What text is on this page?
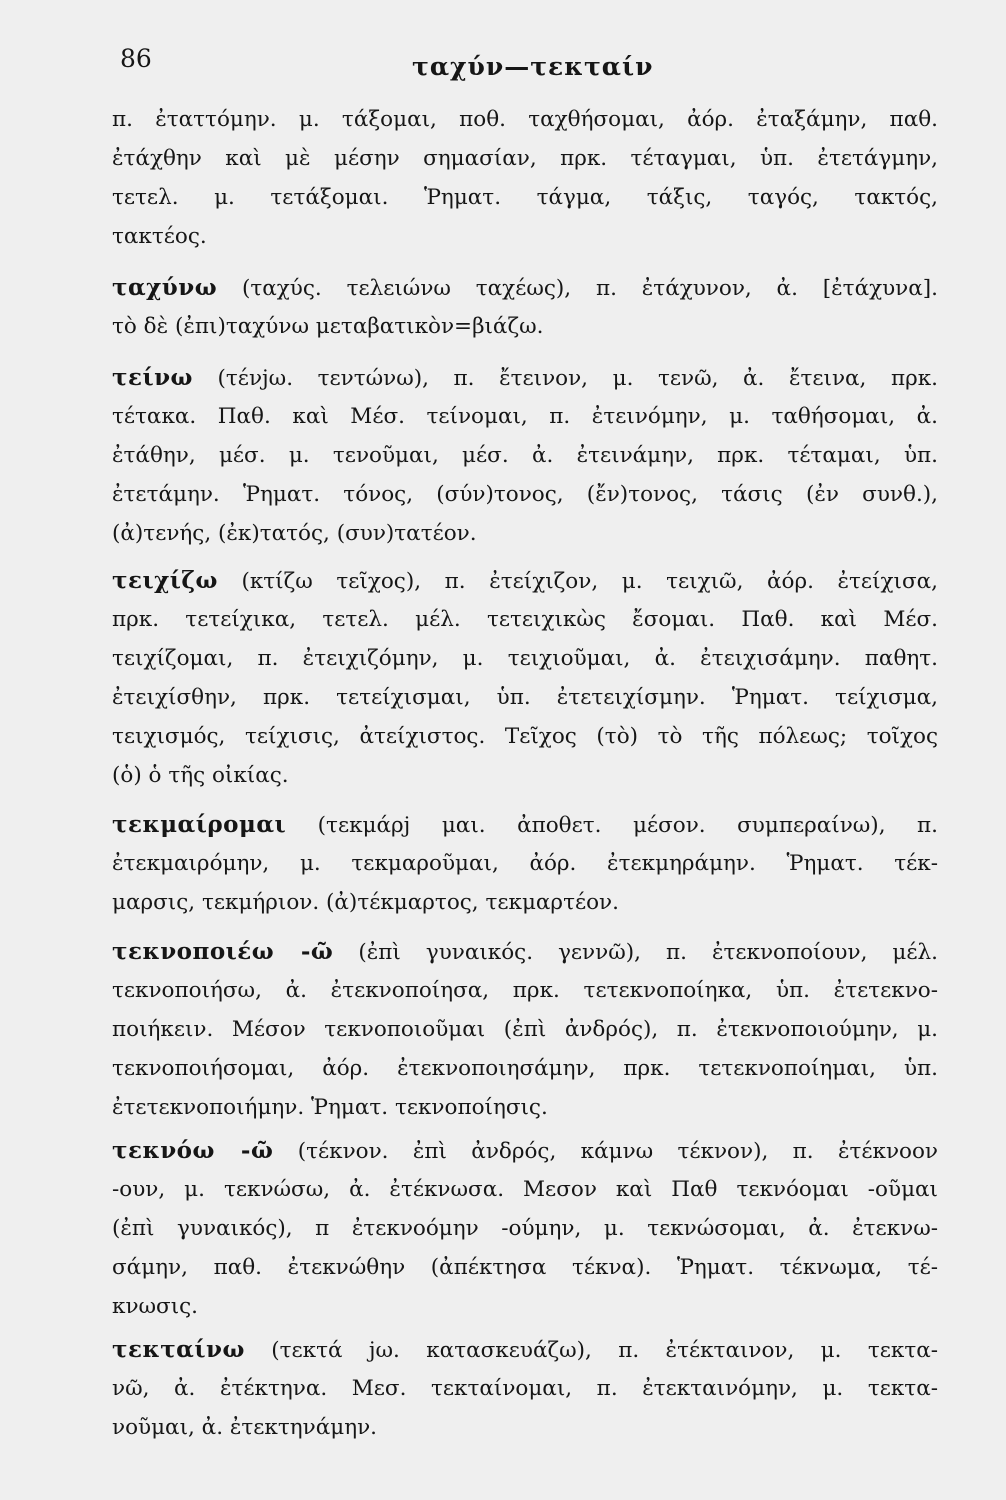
86	ταχύν—τεκταίν
π. ἐταττόμην. μ. τάξομαι, ποθ. ταχθήσομαι, ἀόρ. ἐταξάμην, παθ.
ἐτάχθην καὶ μὲ μέσην σημασίαν, πρκ. τέταγμαι, ὑπ. ἐτετάγμην,
τετελ. μ. τετάξομαι. Ῥηματ. τάγμα, τάξις, ταγός, τακτός,
τακτέος.
ταχύνω (ταχύς. τελειώνω ταχέως), π. ἐτάχυνον, ἀ. [ἐτάχυνα].
τὸ δὲ (ἐπι)ταχύνω μεταβατικὸν=βιάζω.
τείνω (τένjω. τεντώνω), π. ἔτεινον, μ. τενῶ, ἀ. ἔτεινα, πρκ.
τέτακα. Παθ. καὶ Μέσ. τείνομαι, π. ἐτεινόμην, μ. ταθήσομαι, ἀ.
ἐτάθην, μέσ. μ. τενοῦμαι, μέσ. ἀ. ἐτεινάμην, πρκ. τέταμαι, ὑπ.
ἐτετάμην. Ῥηματ. τόνος, (σύν)τονος, (ἔν)τονος, τάσις (ἐν συνθ.),
(ἀ)τενής, (ἐκ)τατός, (συν)τατέον.
τειχίζω (κτίζω τεῖχος), π. ἐτείχιζον, μ. τειχιῶ, ἀόρ. ἐτείχισα,
πρκ. τετείχικα, τετελ. μέλ. τετειχικὼς ἔσομαι. Παθ. καὶ Μέσ.
τειχίζομαι, π. ἐτειχιζόμην, μ. τειχιοῦμαι, ἀ. ἐτειχισάμην. παθητ.
ἐτειχίσθην, πρκ. τετείχισμαι, ὑπ. ἐτετειχίσμην. Ῥηματ. τείχισμα,
τειχισμός, τείχισις, ἀτείχιστος. Τεῖχος (τὸ) τὸ τῆς πόλεως; τοῖχος
(ὁ) ὁ τῆς οἰκίας.
τεκμαίρομαι (τεκμάρj μαι. ἀποθετ. μέσον. συμπεραίνω), π.
ἐτεκμαιρόμην, μ. τεκμαροῦμαι, ἀόρ. ἐτεκμηράμην. Ῥηματ. τέκ-
μαρσις, τεκμήριον. (ἀ)τέκμαρτος, τεκμαρτέον.
τεκνοποιέω -ῶ (ἐπὶ γυναικός. γεννῶ), π. ἐτεκνοποίουν, μέλ.
τεκνοποιήσω, ἀ. ἐτεκνοποίησα, πρκ. τετεκνοποίηκα, ὑπ. ἐτετεκνο-
ποιήκειν. Μέσον τεκνοποιοῦμαι (ἐπὶ ἀνδρός), π. ἐτεκνοποιούμην, μ.
τεκνοποιήσομαι, ἀόρ. ἐτεκνοποιησάμην, πρκ. τετεκνοποίημαι, ὑπ.
ἐτετεκνοποιήμην. Ῥηματ. τεκνοποίησις.
τεκνόω -ῶ (τέκνον. ἐπὶ ἀνδρός, κάμνω τέκνον), π. ἐτέκνοον
-ουν, μ. τεκνώσω, ἀ. ἐτέκνωσα. Μεσον καὶ Παθ τεκνόομαι -οῦμαι
(ἐπὶ γυναικός), π ἐτεκνοόμην -ούμην, μ. τεκνώσομαι, ἀ. ἐτεκνω-
σάμην, παθ. ἐτεκνώθην (ἀπέκτησα τέκνα). Ῥηματ. τέκνωμα, τέ-
κνωσις.
τεκταίνω (τεκτά jω. κατασκευάζω), π. ἐτέκταινον, μ. τεκτα-
νῶ, ἀ. ἐτέκτηνα. Μεσ. τεκταίνομαι, π. ἐτεκταινόμην, μ. τεκτα-
νοῦμαι, ἀ. ἐτεκτηνάμην.
